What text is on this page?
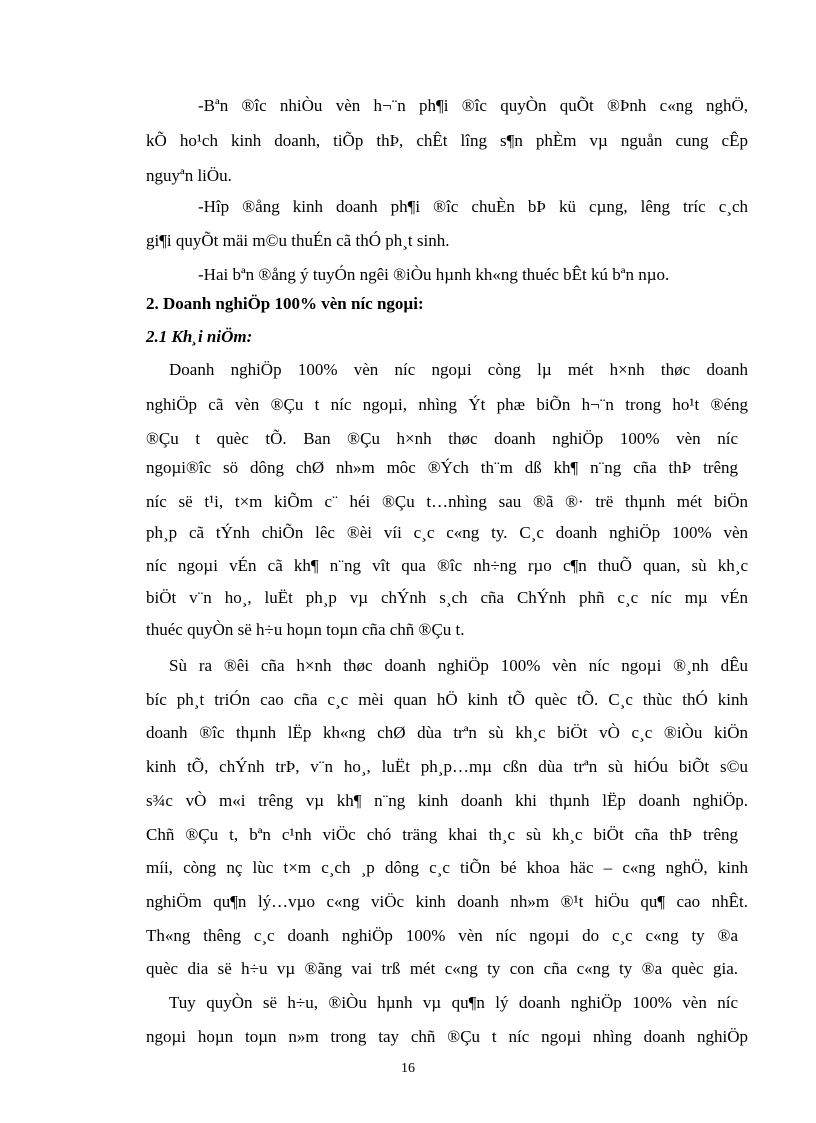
-Bªn ®îc nhiÒu vèn h¬¨n ph¶i ®îc quyÒn quÕt ®Þnh c«ng nghÖ,
kÕ ho¹ch kinh doanh, tiÕp thÞ, chÊt lîng s¶n phÈm vµ nguån cung cÊp
nguyªn liÖu.
-Hîp ®ång kinh doanh ph¶i ®îc chuÈn bÞ kü cµng, lêng tríc c¸ch
gi¶i quyÕt mäi m©u thuÉn cã thÓ ph¸t sinh.
-Hai bªn ®ång ý tuyÓn ngêi ®iÒu hµnh kh«ng thuéc bÊt kú bªn nµo.
2. Doanh nghiÖp 100% vèn níc ngoµi:
2.1 Kh¸i niÖm:
Doanh nghiÖp 100% vèn níc ngoµi còng lµ mét h×nh thøc doanh
nghiÖp cã vèn ®Çu t níc ngoµi, nhìng Ýt phæ biÕn h¬¨n trong ho¹t ®éng
®Çu t quèc tÕ. Ban ®Çu h×nh thøc doanh nghiÖp 100% vèn níc
ngoµi®îc sö dông chØ nh»m môc ®Ých th¨m dß kh¶ n¨ng cña thÞ trêng
níc së t¹i, t×m kiÕm c¨ héi ®Çu t…nhìng sau ®ã ®· trë thµnh mét biÖn
ph¸p cã tÝnh chiÕn lêc ®èi víi c¸c c«ng ty. C¸c doanh nghiÖp 100% vèn
níc ngoµi vÉn cã kh¶ n¨ng vît qua ®îc nh÷ng rµo c¶n thuÕ quan, sù kh¸c
biÖt v¨n ho¸, luËt ph¸p vµ chÝnh s¸ch cña ChÝnh phñ c¸c níc mµ vÉn
thuéc quyÒn së h÷u hoµn toµn cña chñ ®Çu t.
Sù ra ®êi cña h×nh thøc doanh nghiÖp 100% vèn níc ngoµi ®¸nh dÊu
bíc ph¸t triÓn cao cña c¸c mèi quan hÖ kinh tÕ quèc tÕ. C¸c thùc thÓ kinh
doanh ®îc thµnh lËp kh«ng chØ dùa trªn sù kh¸c biÖt vÒ c¸c ®iÒu kiÖn
kinh tÕ, chÝnh trÞ, v¨n ho¸, luËt ph¸p…mµ cßn dùa trªn sù hiÓu biÕt s©u
s¾c vÒ m«i trêng vµ kh¶ n¨ng kinh doanh khi thµnh lËp doanh nghiÖp.
Chñ ®Çu t, bªn c¹nh viÖc chó träng khai th¸c sù kh¸c biÖt cña thÞ trêng
míi, còng nç lùc t×m c¸ch ¸p dông c¸c tiÕn bé khoa häc – c«ng nghÖ, kinh
nghiÖm qu¶n lý…vµo c«ng viÖc kinh doanh nh»m ®¹t hiÖu qu¶ cao nhÊt.
Th«ng thêng c¸c doanh nghiÖp 100% vèn níc ngoµi do c¸c c«ng ty ®a
quèc dia së h÷u vµ ®ãng vai trß mét c«ng ty con cña c«ng ty ®a quèc gia.
Tuy quyÒn së h÷u, ®iÒu hµnh vµ qu¶n lý doanh nghiÖp 100% vèn níc
ngoµi hoµn toµn n»m trong tay chñ ®Çu t níc ngoµi nhìng doanh nghiÖp
16
